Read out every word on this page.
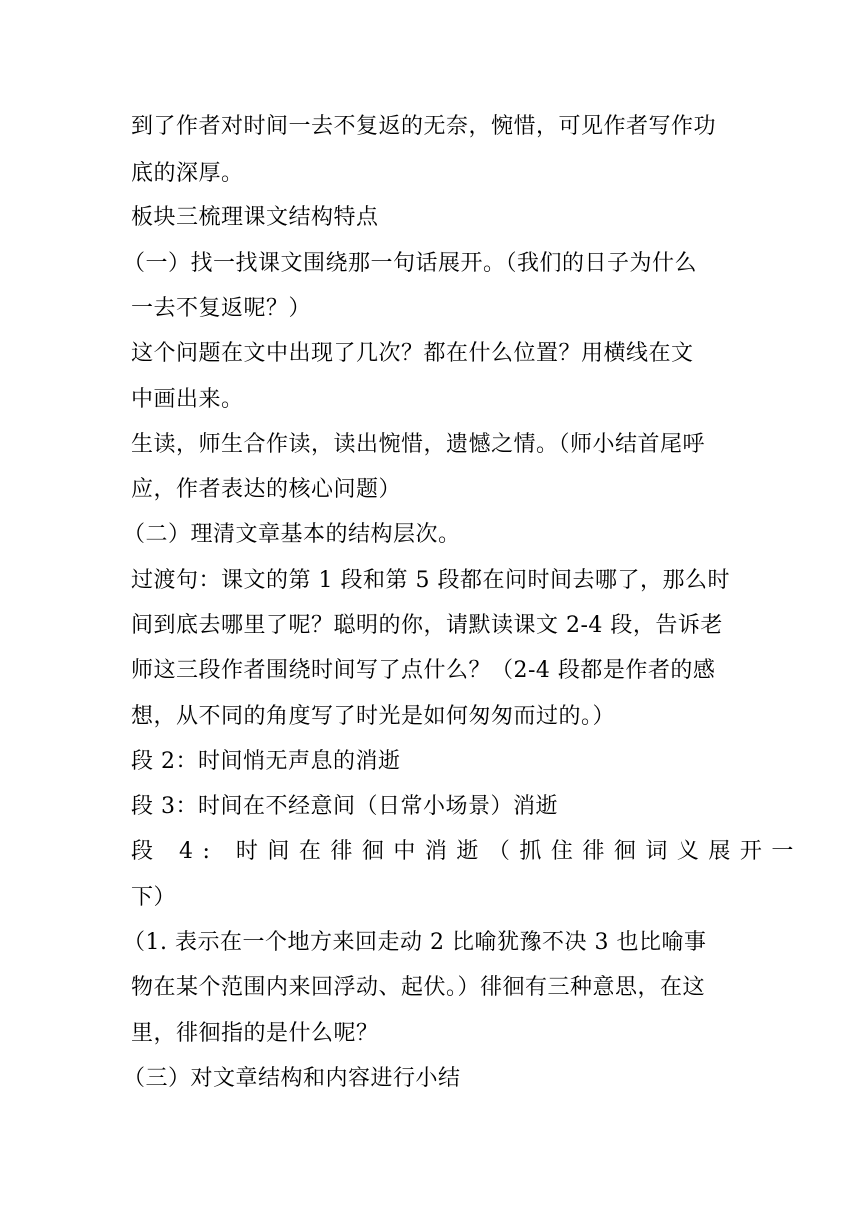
到了作者对时间一去不复返的无奈，惋惜，可见作者写作功
底的深厚。
板块三梳理课文结构特点
（一）找一找课文围绕那一句话展开。（我们的日子为什么
一去不复返呢？）
这个问题在文中出现了几次？都在什么位置？用横线在文
中画出来。
生读，师生合作读，读出惋惜，遗憾之情。（师小结首尾呼
应，作者表达的核心问题）
（二）理清文章基本的结构层次。
过渡句：课文的第 1 段和第 5 段都在问时间去哪了，那么时
间到底去哪里了呢？聪明的你，请默读课文 2-4 段，告诉老
师这三段作者围绕时间写了点什么？（2-4 段都是作者的感
想，从不同的角度写了时光是如何匆匆而过的。）
段 2：时间悄无声息的消逝
段 3：时间在不经意间（日常小场景）消逝
段 4: 时间在徘徊中消逝（抓住徘徊词义展开一
下）
（1. 表示在一个地方来回走动 2 比喻犹豫不决 3 也比喻事
物在某个范围内来回浮动、起伏。）徘徊有三种意思，在这
里，徘徊指的是什么呢？
（三）对文章结构和内容进行小结
